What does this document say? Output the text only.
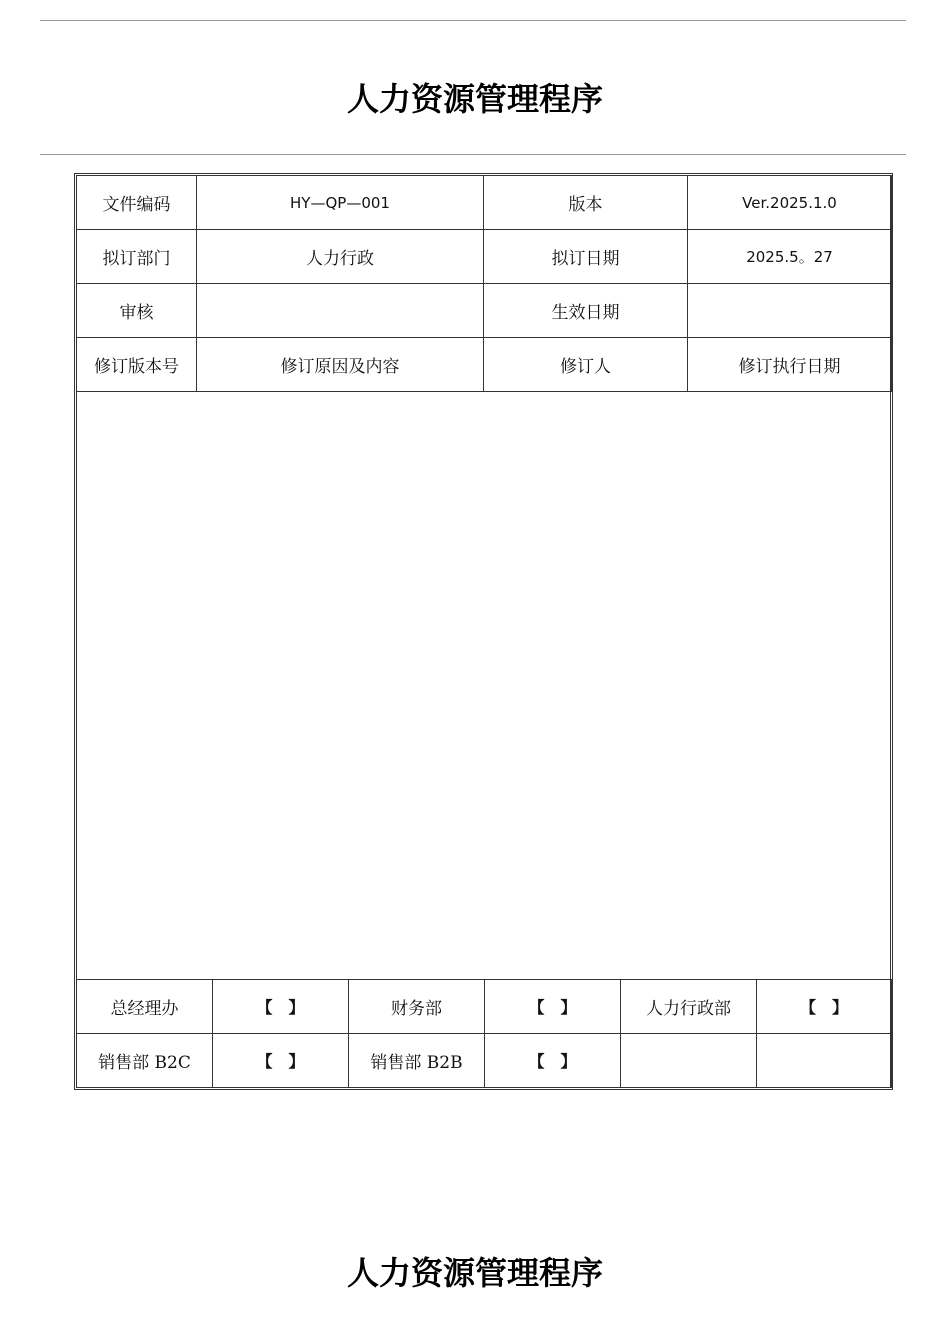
人力资源管理程序
文件编码	HY—QP—001	版本	Ver.2025.1.0
拟订部门	人力行政	拟订日期	2025.5。27
审核		生效日期	
修订版本号	修订原因及内容	修订人	修订执行日期
总经理办	【　】	财务部	【　】	人力行政部	【　】
销售部 B2C	【　】	销售部 B2B	【　】		
人力资源管理程序
